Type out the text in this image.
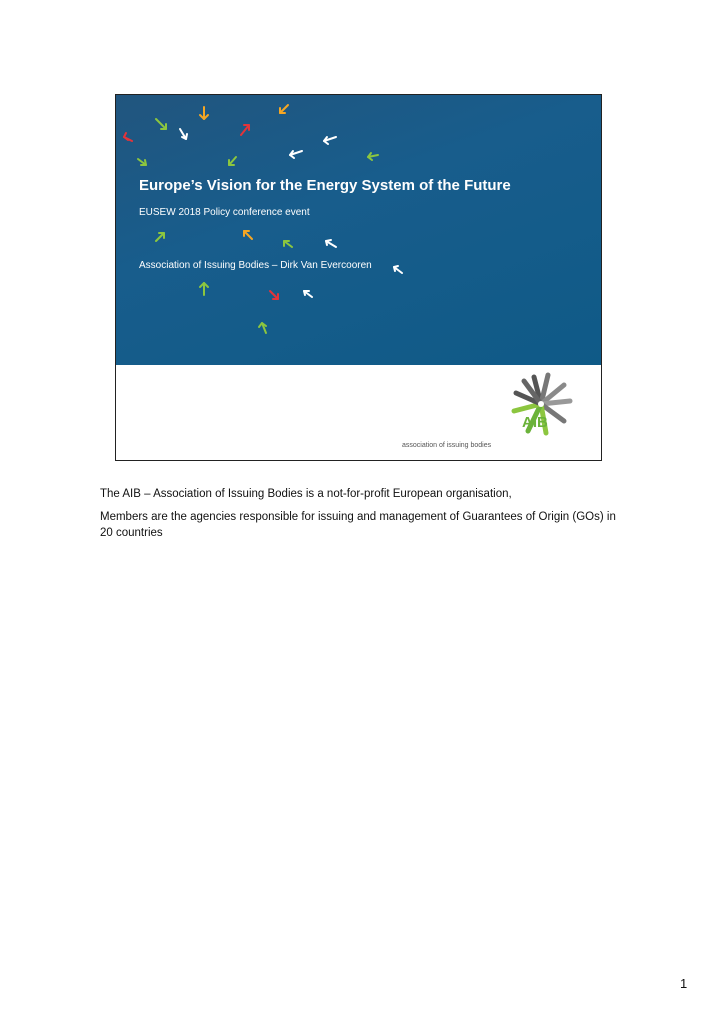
Europe’s Vision for the Energy System of the Future

EUSEW 2018 Policy conference event

Association of Issuing Bodies – Dirk Van Evercooren

AIB

association of issuing bodies

The AIB – Association of Issuing Bodies is a not-for-profit European organisation,

Members are the agencies responsible for issuing and management of Guarantees of Origin (GOs) in 20 countries

1
